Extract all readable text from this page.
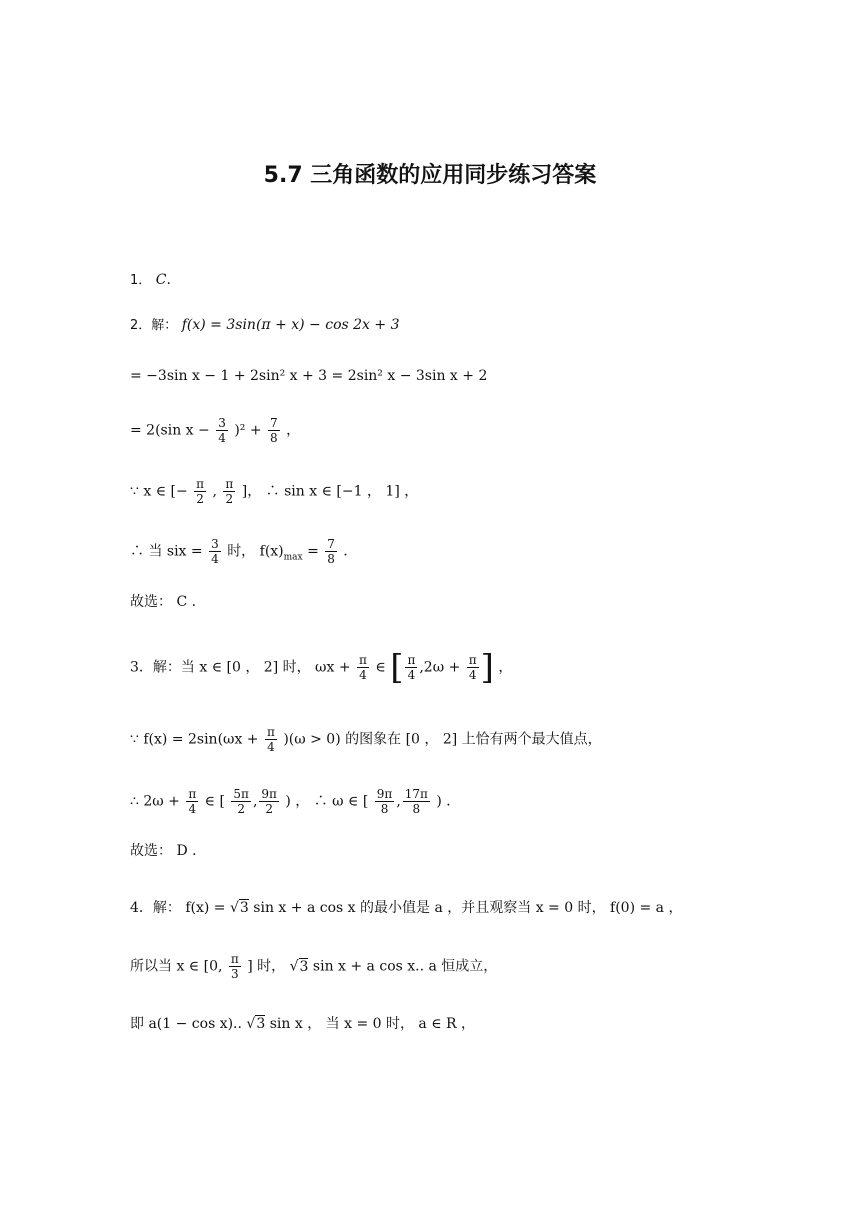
5.7 三角函数的应用同步练习答案
1． C．
2．解： f(x) = 3sin(π + x) − cos 2x + 3
= −3sin x − 1 + 2sin² x + 3 = 2sin² x − 3sin x + 2
= 2(sin $x - \frac{3}{4} )^2 + \frac{7}{8}$ ，
∵ x ∈ [− $\frac{\pi}{2}$ , $\frac{\pi}{2}$ ]， ∴ sin x ∈ [−1 ， 1] ，
∴ 当 six = $\frac{3}{4}$ 时， $f(x)_{max} = \frac{7}{8}$ ．
故选： C ．
3．解：当 x ∈ [0 ， 2] 时， $\omega x + \frac{\pi}{4}$ ∈ [ $\frac{\pi}{4} ,2\omega + \frac{\pi}{4}$ ] ，
∵ $f(x) = 2\sin(\omega x + \frac{\pi}{4} )(\omega > 0)$ 的图象在 [0 ， 2] 上恰有两个最大值点，
∴ $2\omega + \frac{\pi}{4}$ ∈ [ $\frac{5\pi}{2}$ , $\frac{9\pi}{2}$ ) ， ∴ ω ∈ [ $\frac{9\pi}{8}$ , $\frac{17\pi}{8}$ ) ．
故选： D ．
4．解： f(x) = √3 sin x + a cos x 的最小值是 a ，并且观察当 x = 0 时， f(0) = a ，
所以当 x ∈ [0, $\frac{\pi}{3}$ ] 时， √3 sin x + a cos x.. a 恒成立，
即 a(1 − cos x).. √3 sin x ， 当 x = 0 时， a ∈ R ，
